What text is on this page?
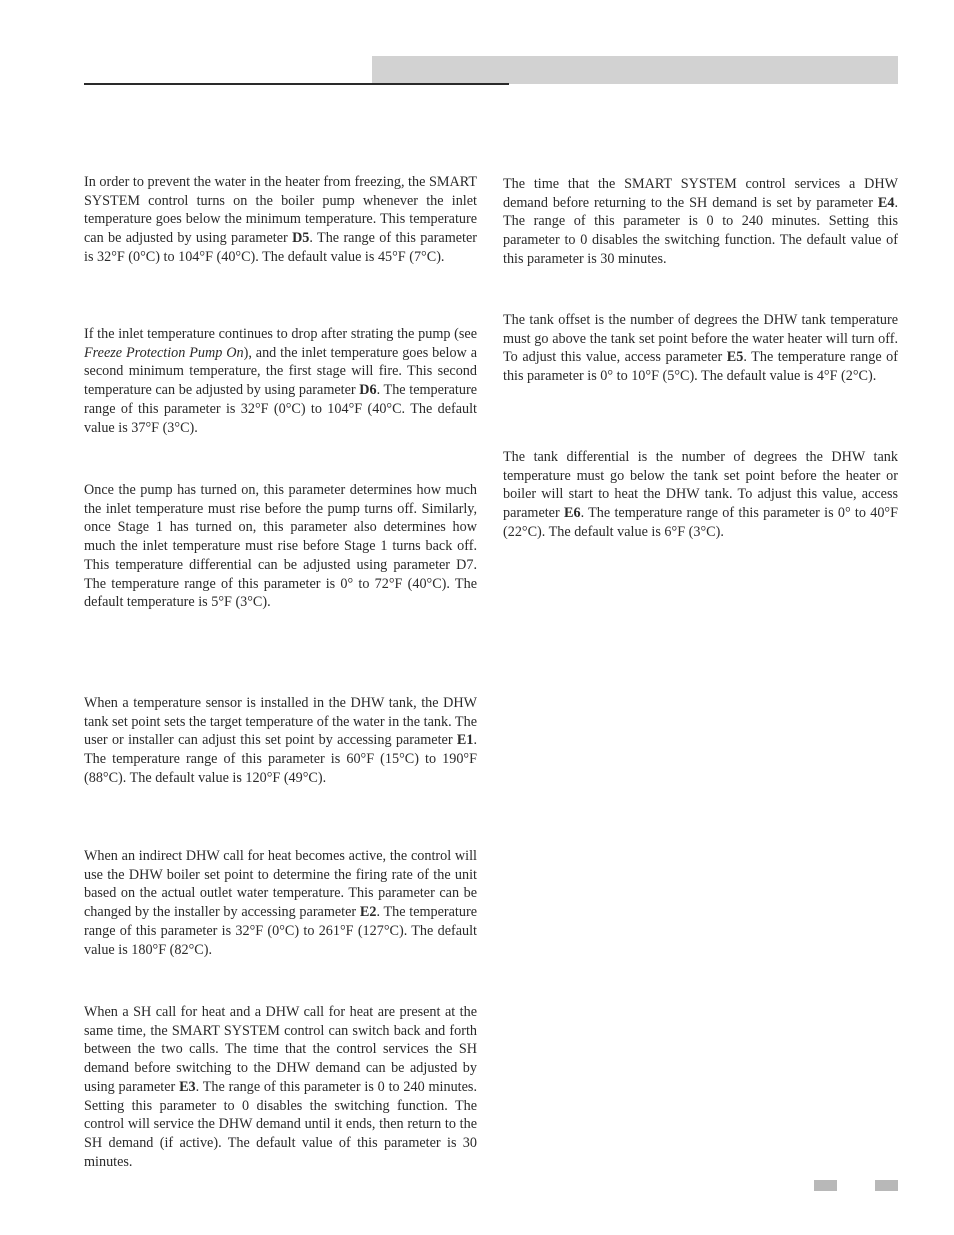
In order to prevent the water in the heater from freezing, the SMART SYSTEM control turns on the boiler pump whenever the inlet temperature goes below the minimum temperature. This temperature can be adjusted by using parameter D5. The range of this parameter is 32°F (0°C) to 104°F (40°C). The default value is 45°F (7°C).

If the inlet temperature continues to drop after strating the pump (see Freeze Protection Pump On), and the inlet temperature goes below a second minimum temperature, the first stage will fire. This second temperature can be adjusted by using parameter D6. The temperature range of this parameter is 32°F (0°C) to 104°F (40°C. The default value is 37°F (3°C).

Once the pump has turned on, this parameter determines how much the inlet temperature must rise before the pump turns off. Similarly, once Stage 1 has turned on, this parameter also determines how much the inlet temperature must rise before Stage 1 turns back off. This temperature differential can be adjusted using parameter D7. The temperature range of this parameter is 0° to 72°F (40°C). The default temperature is 5°F (3°C).

When a temperature sensor is installed in the DHW tank, the DHW tank set point sets the target temperature of the water in the tank. The user or installer can adjust this set point by accessing parameter E1. The temperature range of this parameter is 60°F (15°C) to 190°F (88°C). The default value is 120°F (49°C).

When an indirect DHW call for heat becomes active, the control will use the DHW boiler set point to determine the firing rate of the unit based on the actual outlet water temperature. This parameter can be changed by the installer by accessing parameter E2. The temperature range of this parameter is 32°F (0°C) to 261°F (127°C). The default value is 180°F (82°C).

When a SH call for heat and a DHW call for heat are present at the same time, the SMART SYSTEM control can switch back and forth between the two calls. The time that the control services the SH demand before switching to the DHW demand can be adjusted by using parameter E3. The range of this parameter is 0 to 240 minutes. Setting this parameter to 0 disables the switching function. The control will service the DHW demand until it ends, then return to the SH demand (if active). The default value of this parameter is 30 minutes.

The time that the SMART SYSTEM control services a DHW demand before returning to the SH demand is set by parameter E4. The range of this parameter is 0 to 240 minutes. Setting this parameter to 0 disables the switching function. The default value of this parameter is 30 minutes.

The tank offset is the number of degrees the DHW tank temperature must go above the tank set point before the water heater will turn off. To adjust this value, access parameter E5. The temperature range of this parameter is 0° to 10°F (5°C). The default value is 4°F (2°C).

The tank differential is the number of degrees the DHW tank temperature must go below the tank set point before the heater or boiler will start to heat the DHW tank. To adjust this value, access parameter E6. The temperature range of this parameter is 0° to 40°F (22°C). The default value is 6°F (3°C).
